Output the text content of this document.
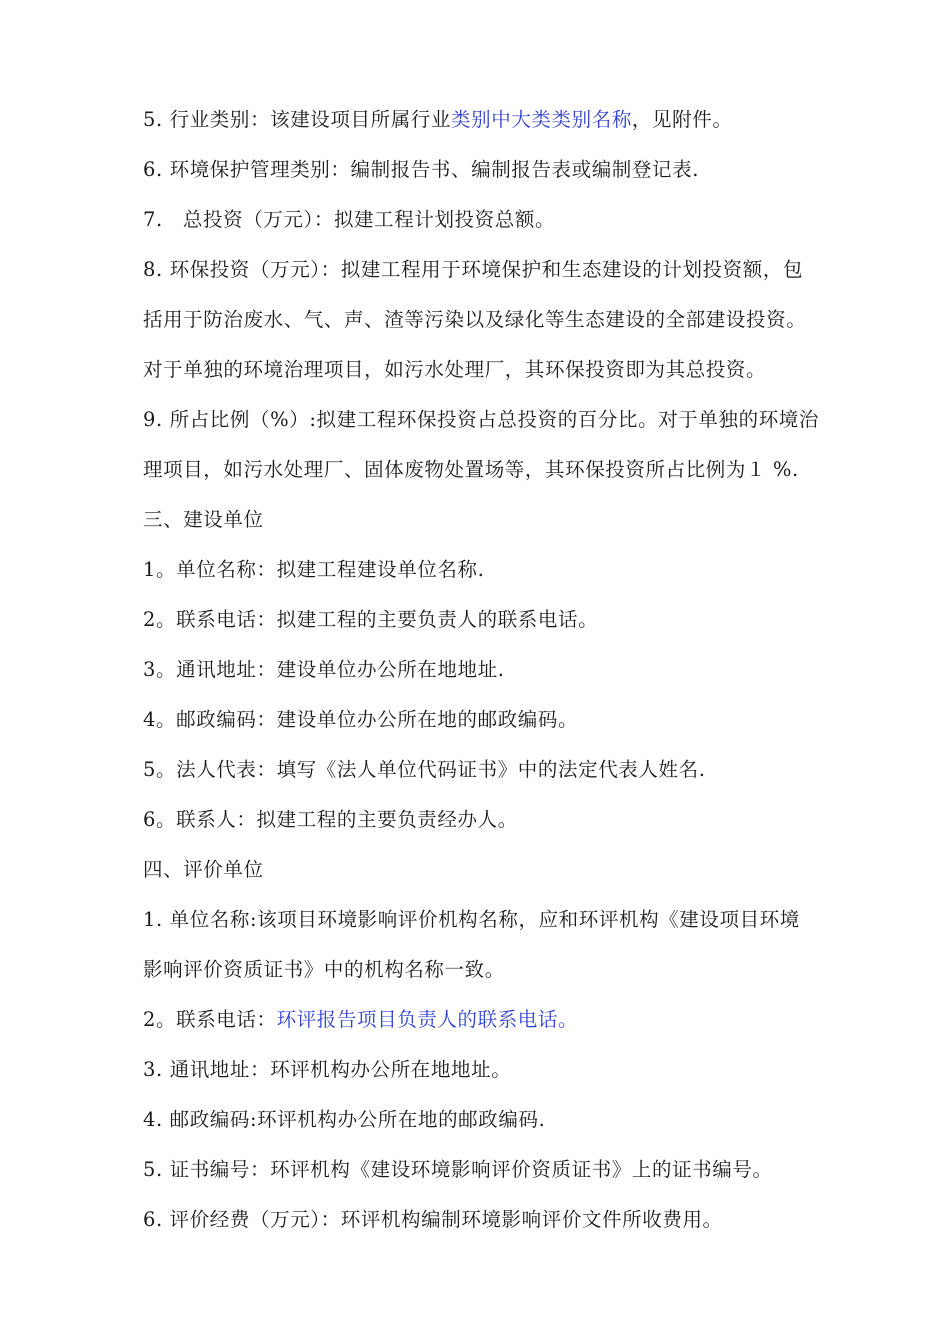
5. 行业类别：该建设项目所属行业类别中大类类别名称，见附件。
6. 环境保护管理类别：编制报告书、编制报告表或编制登记表.
7.　总投资（万元）：拟建工程计划投资总额。
8. 环保投资（万元）：拟建工程用于环境保护和生态建设的计划投资额，包
括用于防治废水、气、声、渣等污染以及绿化等生态建设的全部建设投资。
对于单独的环境治理项目，如污水处理厂，其环保投资即为其总投资。
9. 所占比例（%）:拟建工程环保投资占总投资的百分比。对于单独的环境治
理项目，如污水处理厂、固体废物处置场等，其环保投资所占比例为１ %.
三、建设单位
1。单位名称：拟建工程建设单位名称.
2。联系电话：拟建工程的主要负责人的联系电话。
3。通讯地址：建设单位办公所在地地址.
4。邮政编码：建设单位办公所在地的邮政编码。
5。法人代表：填写《法人单位代码证书》中的法定代表人姓名.
6。联系人：拟建工程的主要负责经办人。
四、评价单位
1. 单位名称:该项目环境影响评价机构名称，应和环评机构《建设项目环境
影响评价资质证书》中的机构名称一致。
2。联系电话：环评报告项目负责人的联系电话。
3. 通讯地址：环评机构办公所在地地址。
4. 邮政编码:环评机构办公所在地的邮政编码.
5. 证书编号：环评机构《建设环境影响评价资质证书》上的证书编号。
6. 评价经费（万元）：环评机构编制环境影响评价文件所收费用。
